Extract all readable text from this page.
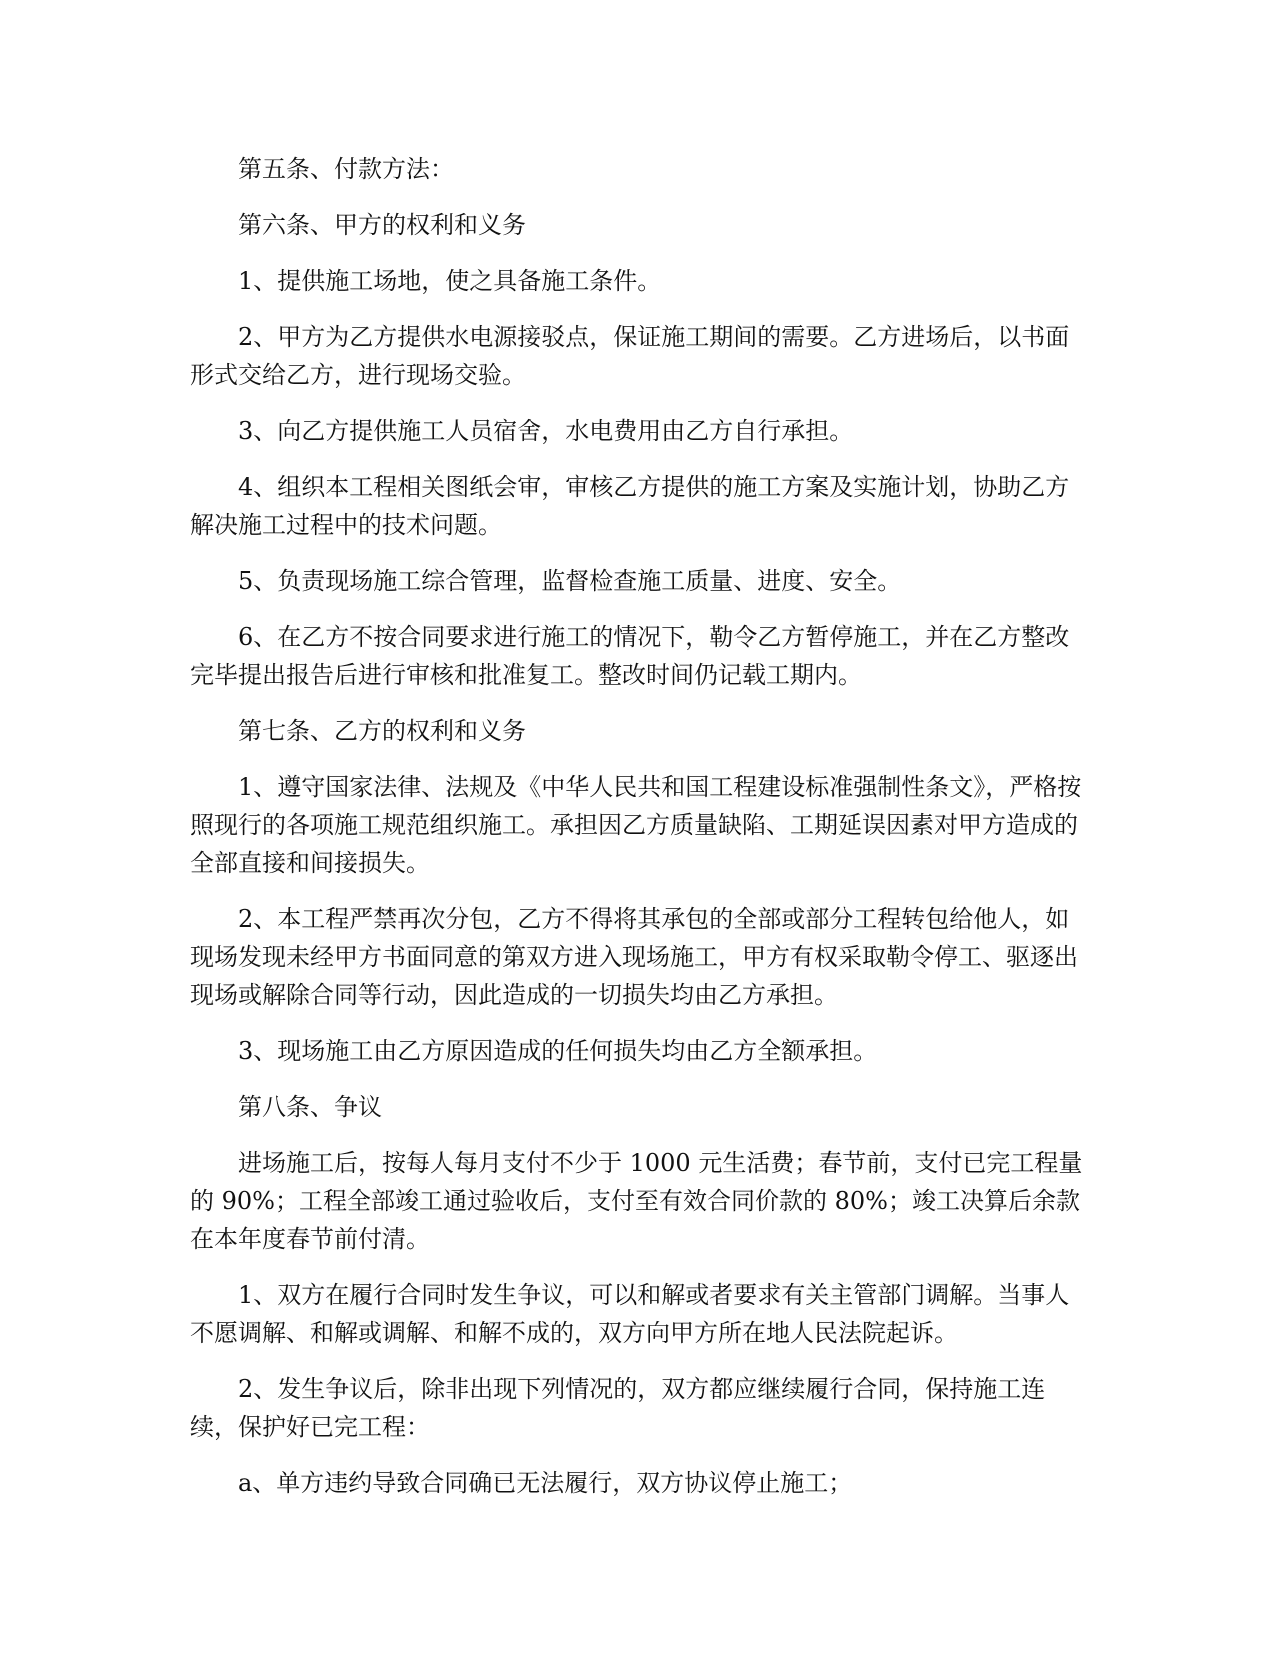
第五条、付款方法：

第六条、甲方的权利和义务

1、提供施工场地，使之具备施工条件。

2、甲方为乙方提供水电源接驳点，保证施工期间的需要。乙方进场后，以书面形式交给乙方，进行现场交验。

3、向乙方提供施工人员宿舍，水电费用由乙方自行承担。

4、组织本工程相关图纸会审，审核乙方提供的施工方案及实施计划，协助乙方解决施工过程中的技术问题。

5、负责现场施工综合管理，监督检查施工质量、进度、安全。

6、在乙方不按合同要求进行施工的情况下，勒令乙方暂停施工，并在乙方整改完毕提出报告后进行审核和批准复工。整改时间仍记载工期内。

第七条、乙方的权利和义务

1、遵守国家法律、法规及《中华人民共和国工程建设标准强制性条文》，严格按照现行的各项施工规范组织施工。承担因乙方质量缺陷、工期延误因素对甲方造成的全部直接和间接损失。

2、本工程严禁再次分包，乙方不得将其承包的全部或部分工程转包给他人，如现场发现未经甲方书面同意的第双方进入现场施工，甲方有权采取勒令停工、驱逐出现场或解除合同等行动，因此造成的一切损失均由乙方承担。

3、现场施工由乙方原因造成的任何损失均由乙方全额承担。

第八条、争议

进场施工后，按每人每月支付不少于 1000 元生活费；春节前，支付已完工程量的 90%；工程全部竣工通过验收后，支付至有效合同价款的 80%；竣工决算后余款在本年度春节前付清。

1、双方在履行合同时发生争议，可以和解或者要求有关主管部门调解。当事人不愿调解、和解或调解、和解不成的，双方向甲方所在地人民法院起诉。

2、发生争议后，除非出现下列情况的，双方都应继续履行合同，保持施工连续，保护好已完工程：

a、单方违约导致合同确已无法履行，双方协议停止施工；
